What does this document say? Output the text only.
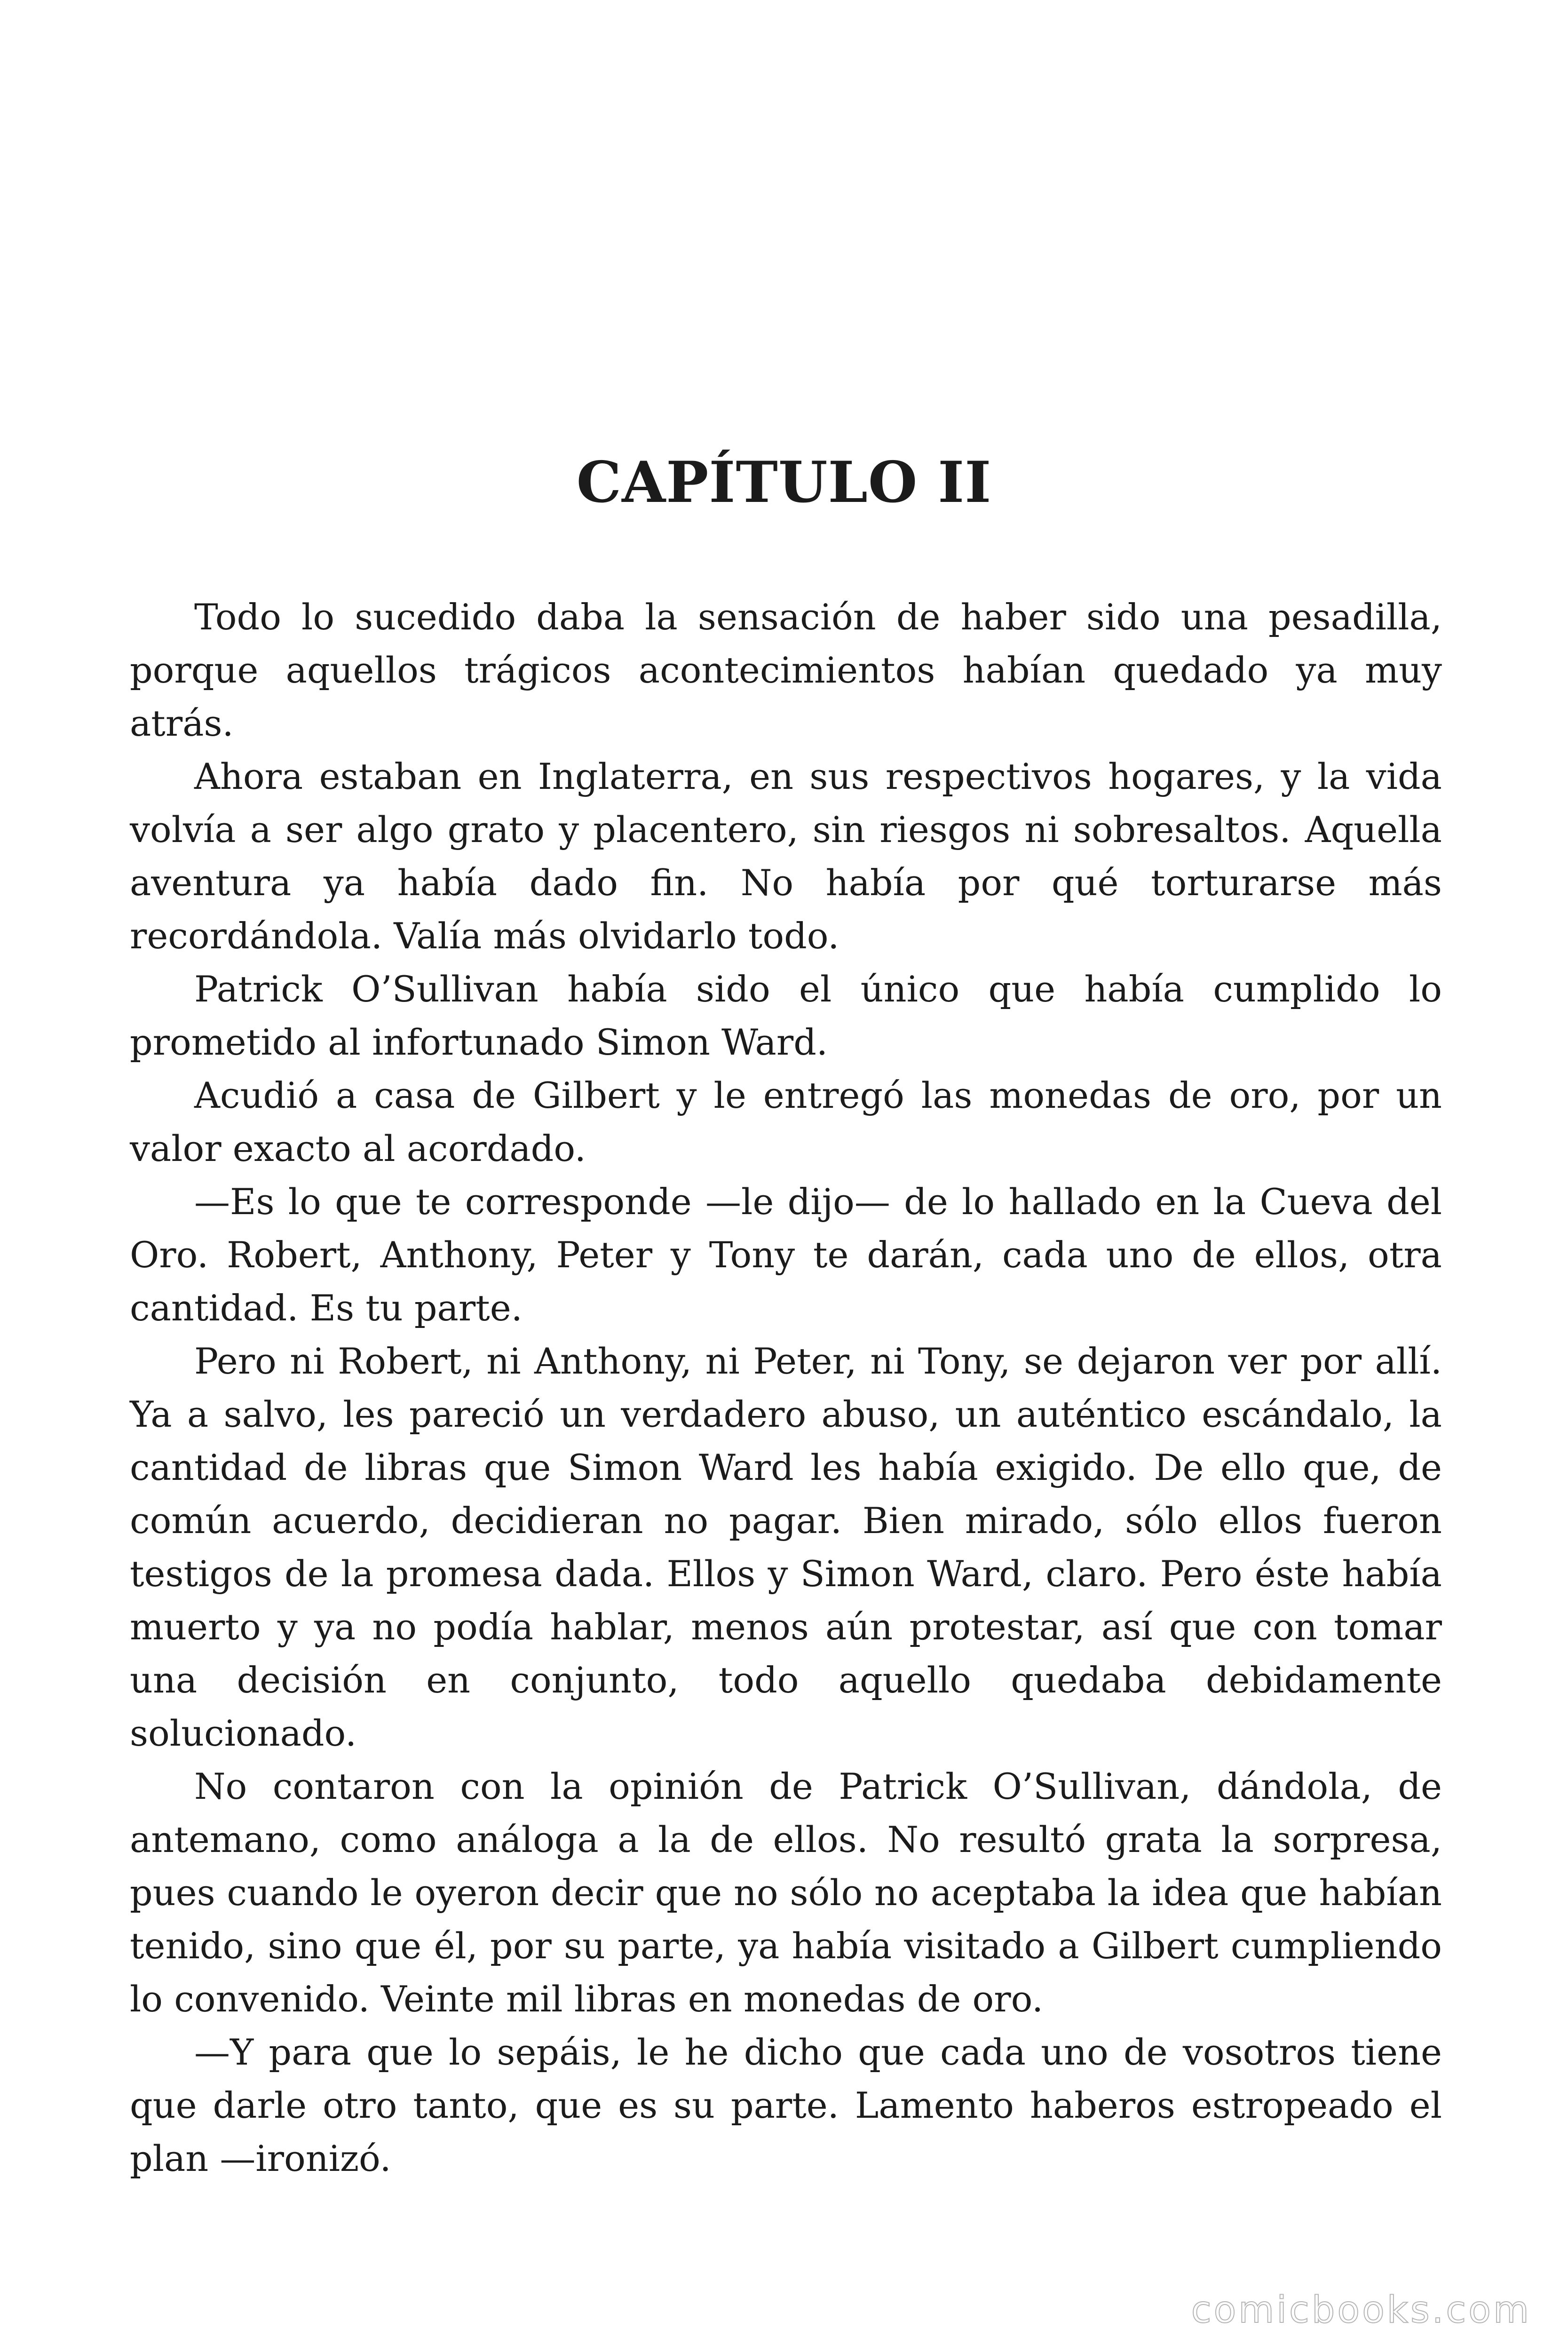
CAPÍTULO II

Todo lo sucedido daba la sensación de haber sido una pesadilla, porque aquellos trágicos acontecimientos habían quedado ya muy atrás.

Ahora estaban en Inglaterra, en sus respectivos hogares, y la vida volvía a ser algo grato y placentero, sin riesgos ni sobresaltos. Aquella aventura ya había dado fin. No había por qué torturarse más recordándola. Valía más olvidarlo todo.

Patrick O’Sullivan había sido el único que había cumplido lo prometido al infortunado Simon Ward.

Acudió a casa de Gilbert y le entregó las monedas de oro, por un valor exacto al acordado.

—Es lo que te corresponde —le dijo— de lo hallado en la Cueva del Oro. Robert, Anthony, Peter y Tony te darán, cada uno de ellos, otra cantidad. Es tu parte.

Pero ni Robert, ni Anthony, ni Peter, ni Tony, se dejaron ver por allí. Ya a salvo, les pareció un verdadero abuso, un auténtico escándalo, la cantidad de libras que Simon Ward les había exigido. De ello que, de común acuerdo, decidieran no pagar. Bien mirado, sólo ellos fueron testigos de la promesa dada. Ellos y Simon Ward, claro. Pero éste había muerto y ya no podía hablar, menos aún protestar, así que con tomar una decisión en conjunto, todo aquello quedaba debidamente solucionado.

No contaron con la opinión de Patrick O’Sullivan, dándola, de antemano, como análoga a la de ellos. No resultó grata la sorpresa, pues cuando le oyeron decir que no sólo no aceptaba la idea que habían tenido, sino que él, por su parte, ya había visitado a Gilbert cumpliendo lo convenido. Veinte mil libras en monedas de oro.

—Y para que lo sepáis, le he dicho que cada uno de vosotros tiene que darle otro tanto, que es su parte. Lamento haberos estropeado el plan —ironizó.

comicbooks.com
